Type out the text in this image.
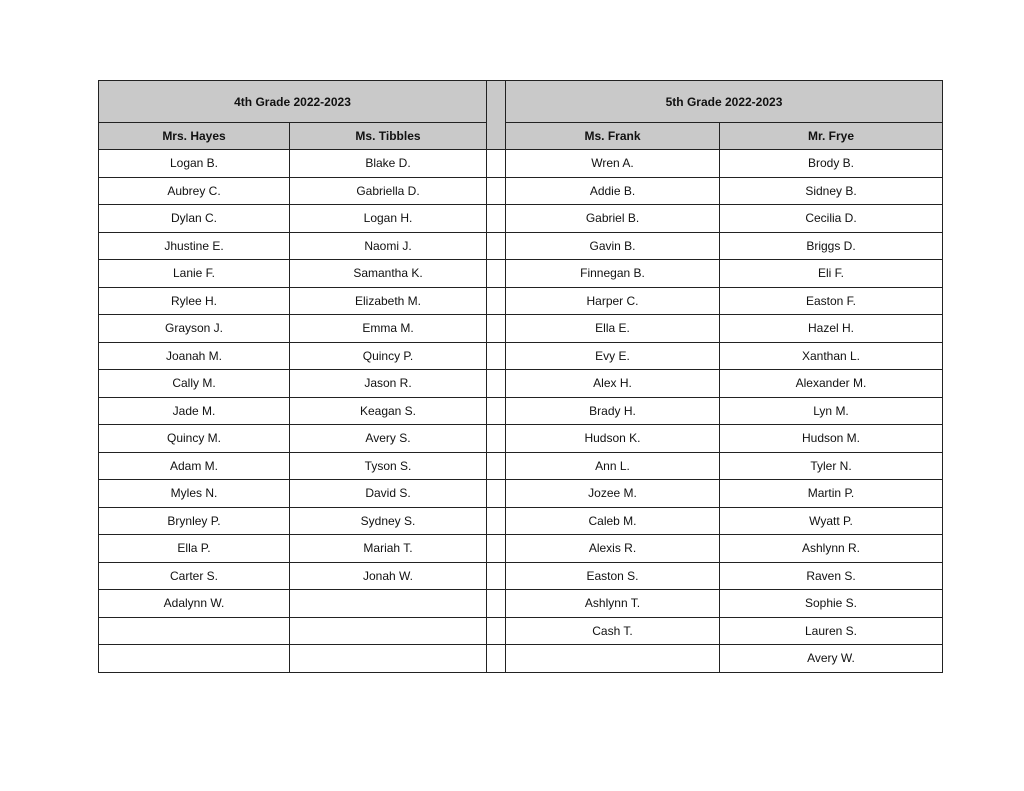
4th Grade 2022-2023			5th Grade 2022-2023	
Mrs. Hayes	Ms. Tibbles		Ms. Frank	Mr. Frye
Logan B.	Blake D.		Wren A.	Brody B.
Aubrey C.	Gabriella D.		Addie B.	Sidney B.
Dylan C.	Logan H.		Gabriel B.	Cecilia D.
Jhustine E.	Naomi J.		Gavin B.	Briggs D.
Lanie F.	Samantha K.		Finnegan B.	Eli F.
Rylee H.	Elizabeth M.		Harper C.	Easton F.
Grayson J.	Emma M.		Ella E.	Hazel H.
Joanah M.	Quincy P.		Evy E.	Xanthan L.
Cally M.	Jason R.		Alex H.	Alexander M.
Jade M.	Keagan S.		Brady H.	Lyn M.
Quincy M.	Avery S.		Hudson K.	Hudson M.
Adam M.	Tyson S.		Ann L.	Tyler N.
Myles N.	David S.		Jozee M.	Martin P.
Brynley P.	Sydney S.		Caleb M.	Wyatt P.
Ella P.	Mariah T.		Alexis R.	Ashlynn R.
Carter S.	Jonah W.		Easton S.	Raven S.
Adalynn W.			Ashlynn T.	Sophie S.
			Cash T.	Lauren S.
				Avery W.
